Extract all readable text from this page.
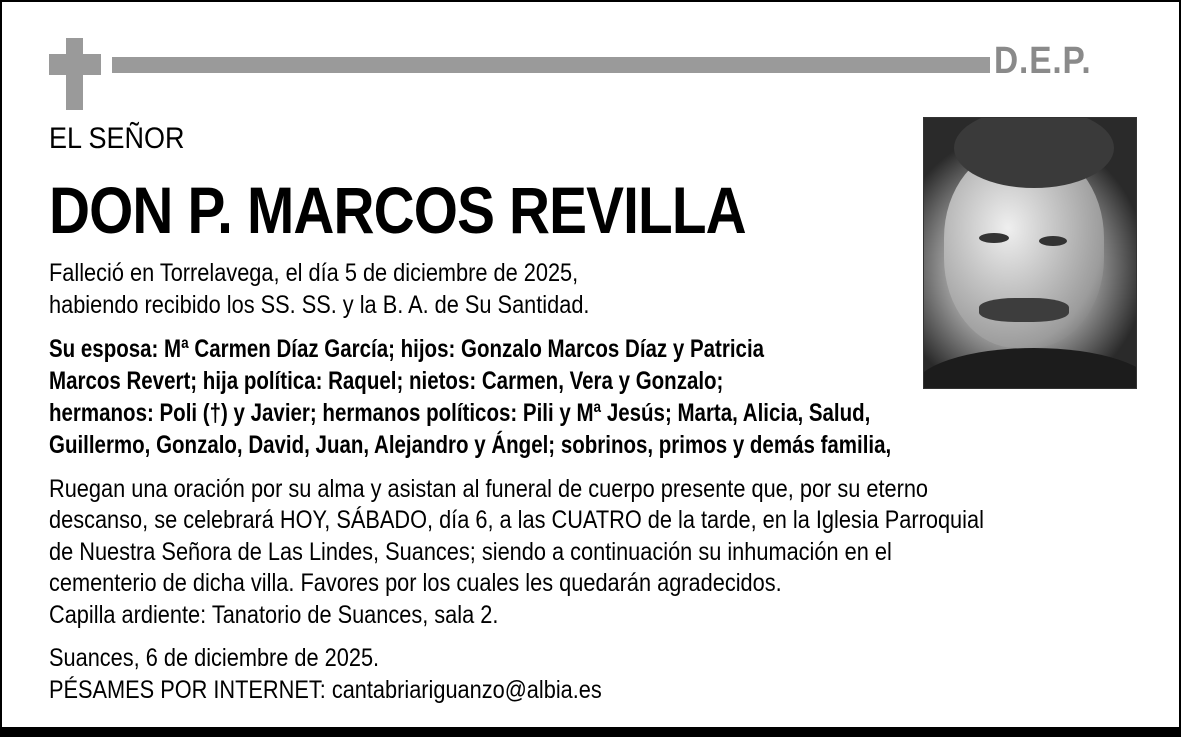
D.E.P.
EL SEÑOR
DON P. MARCOS REVILLA
Falleció en Torrelavega, el día 5 de diciembre de 2025,
habiendo recibido los SS. SS. y la B. A. de Su Santidad.
Su esposa: Mª Carmen Díaz García; hijos: Gonzalo Marcos Díaz y Patricia
Marcos Revert; hija política: Raquel; nietos: Carmen, Vera y Gonzalo;
hermanos: Poli (†) y Javier; hermanos políticos: Pili y Mª Jesús; Marta, Alicia, Salud,
Guillermo, Gonzalo, David, Juan, Alejandro y Ángel; sobrinos, primos y demás familia,
Ruegan una oración por su alma y asistan al funeral de cuerpo presente que, por su eterno
descanso, se celebrará HOY, SÁBADO, día 6, a las CUATRO de la tarde, en la Iglesia Parroquial
de Nuestra Señora de Las Lindes, Suances; siendo a continuación su inhumación en el
cementerio de dicha villa. Favores por los cuales les quedarán agradecidos.
Capilla ardiente: Tanatorio de Suances, sala 2.
Suances, 6 de diciembre de 2025.
PÉSAMES POR INTERNET: cantabriariguanzo@albia.es
